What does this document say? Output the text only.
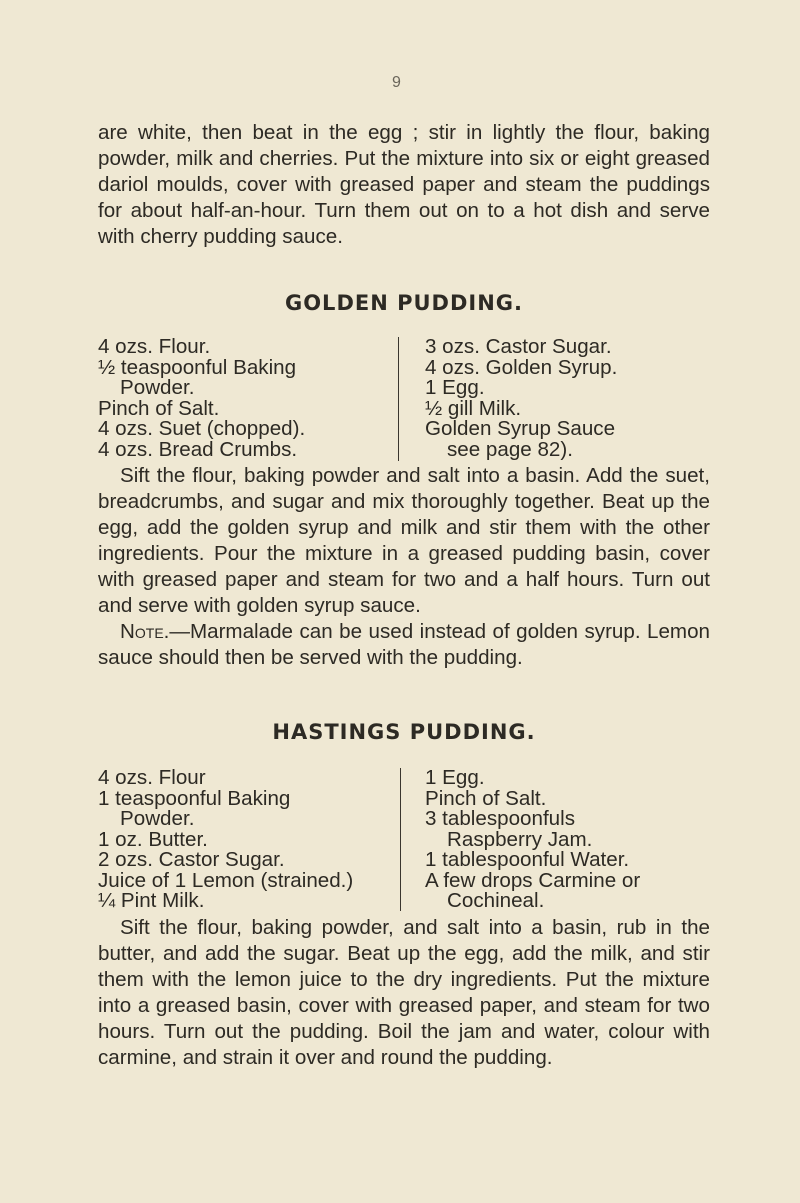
9

are white, then beat in the egg ; stir in lightly the flour, baking powder, milk and cherries. Put the mixture into six or eight greased dariol moulds, cover with greased paper and steam the puddings for about half-an-hour. Turn them out on to a hot dish and serve with cherry pudding sauce.

GOLDEN PUDDING.
4 ozs. Flour.
½ teaspoonful Baking
Powder.
Pinch of Salt.
4 ozs. Suet (chopped).
4 ozs. Bread Crumbs.
3 ozs. Castor Sugar.
4 ozs. Golden Syrup.
1 Egg.
½ gill Milk.
Golden Syrup Sauce
see page 82).

Sift the flour, baking powder and salt into a basin. Add the suet, breadcrumbs, and sugar and mix thoroughly together. Beat up the egg, add the golden syrup and milk and stir them with the other ingredients. Pour the mixture in a greased pudding basin, cover with greased paper and steam for two and a half hours. Turn out and serve with golden syrup sauce.

Note.—Marmalade can be used instead of golden syrup. Lemon sauce should then be served with the pudding.

HASTINGS PUDDING.
4 ozs. Flour
1 teaspoonful Baking
Powder.
1 oz. Butter.
2 ozs. Castor Sugar.
Juice of 1 Lemon (strained.)
¼ Pint Milk.
1 Egg.
Pinch of Salt.
3 tablespoonfuls
Raspberry Jam.
1 tablespoonful Water.
A few drops Carmine or
Cochineal.

Sift the flour, baking powder, and salt into a basin, rub in the butter, and add the sugar. Beat up the egg, add the milk, and stir them with the lemon juice to the dry ingredients. Put the mixture into a greased basin, cover with greased paper, and steam for two hours. Turn out the pudding. Boil the jam and water, colour with carmine, and strain it over and round the pudding.
